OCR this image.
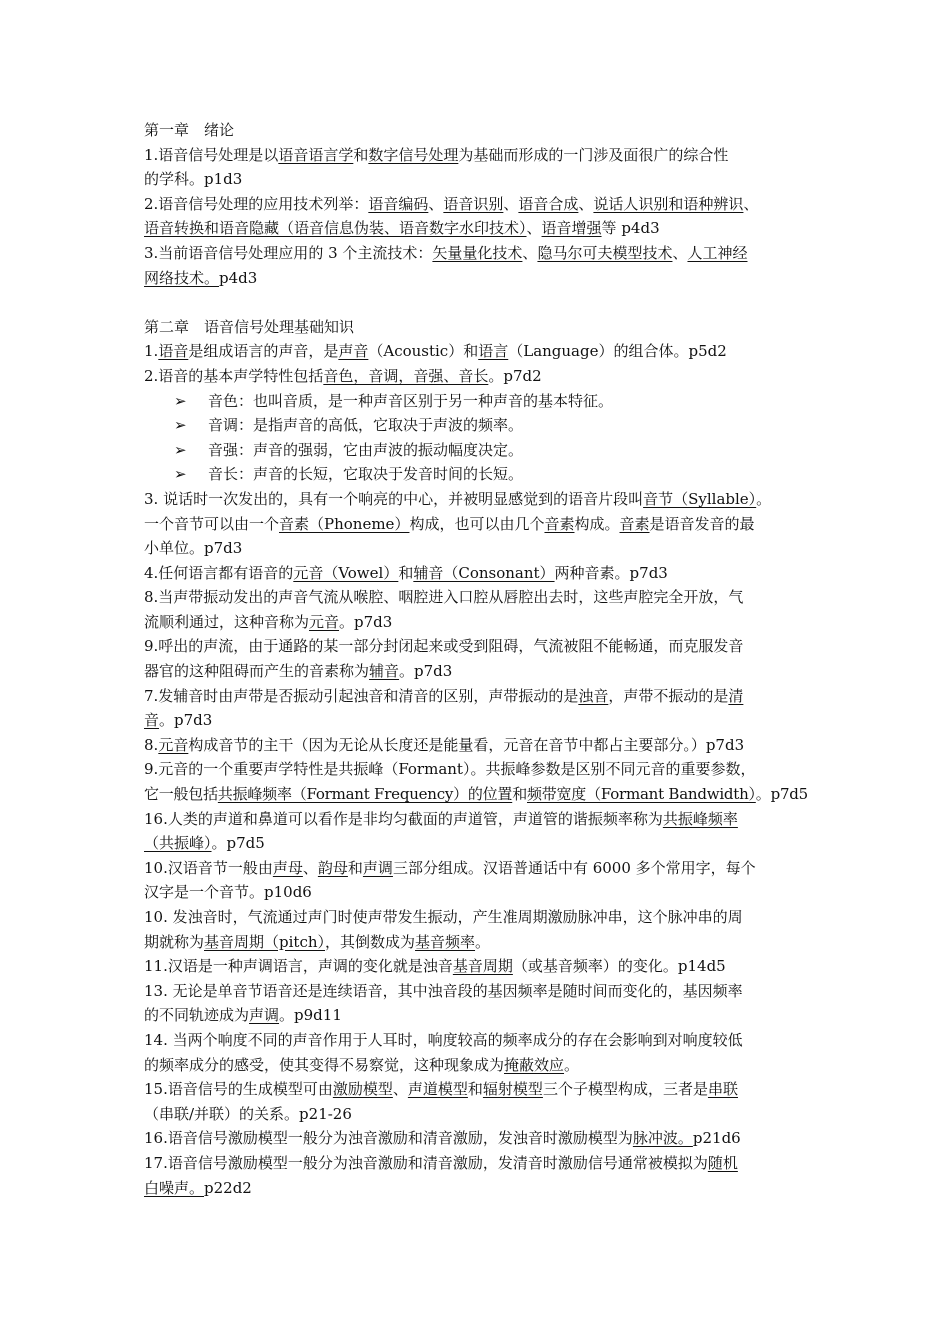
第一章　绪论
1.语音信号处理是以语音语言学和数字信号处理为基础而形成的一门涉及面很广的综合性
的学科。p1d3
2.语音信号处理的应用技术列举：语音编码、语音识别、语音合成、说话人识别和语种辨识、
语音转换和语音隐藏（语音信息伪装、语音数字水印技术）、语音增强等 p4d3
3.当前语音信号处理应用的 3 个主流技术：矢量量化技术、隐马尔可夫模型技术、人工神经
网络技术。p4d3
第二章　语音信号处理基础知识
1.语音是组成语言的声音，是声音（Acoustic）和语言（Language）的组合体。p5d2
2.语音的基本声学特性包括音色，音调，音强、音长。p7d2
➢ 音色：也叫音质，是一种声音区别于另一种声音的基本特征。
➢ 音调：是指声音的高低，它取决于声波的频率。
➢ 音强：声音的强弱，它由声波的振动幅度决定。
➢ 音长：声音的长短，它取决于发音时间的长短。
3. 说话时一次发出的，具有一个响亮的中心，并被明显感觉到的语音片段叫音节（Syllable）。
一个音节可以由一个音素（Phoneme）构成，也可以由几个音素构成。音素是语音发音的最
小单位。p7d3
4.任何语言都有语音的元音（Vowel）和辅音（Consonant）两种音素。p7d3
8.当声带振动发出的声音气流从喉腔、咽腔进入口腔从唇腔出去时，这些声腔完全开放，气
流顺利通过，这种音称为元音。p7d3
9.呼出的声流，由于通路的某一部分封闭起来或受到阻碍，气流被阻不能畅通，而克服发音
器官的这种阻碍而产生的音素称为辅音。p7d3
7.发辅音时由声带是否振动引起浊音和清音的区别，声带振动的是浊音，声带不振动的是清
音。p7d3
8.元音构成音节的主干（因为无论从长度还是能量看，元音在音节中都占主要部分。）p7d3
9.元音的一个重要声学特性是共振峰（Formant）。共振峰参数是区别不同元音的重要参数，
它一般包括共振峰频率（Formant Frequency）的位置和频带宽度（Formant Bandwidth）。p7d5
16.人类的声道和鼻道可以看作是非均匀截面的声道管，声道管的谐振频率称为共振峰频率
（共振峰）。p7d5
10.汉语音节一般由声母、韵母和声调三部分组成。汉语普通话中有 6000 多个常用字，每个
汉字是一个音节。p10d6
10. 发浊音时，气流通过声门时使声带发生振动，产生准周期激励脉冲串，这个脉冲串的周
期就称为基音周期（pitch），其倒数成为基音频率。
11.汉语是一种声调语言，声调的变化就是浊音基音周期（或基音频率）的变化。p14d5
13. 无论是单音节语音还是连续语音，其中浊音段的基因频率是随时间而变化的，基因频率
的不同轨迹成为声调。p9d11
14. 当两个响度不同的声音作用于人耳时，响度较高的频率成分的存在会影响到对响度较低
的频率成分的感受，使其变得不易察觉，这种现象成为掩蔽效应。
15.语音信号的生成模型可由激励模型、声道模型和辐射模型三个子模型构成，三者是串联
（串联/并联）的关系。p21-26
16.语音信号激励模型一般分为浊音激励和清音激励，发浊音时激励模型为脉冲波。p21d6
17.语音信号激励模型一般分为浊音激励和清音激励，发清音时激励信号通常被模拟为随机
白噪声。p22d2
